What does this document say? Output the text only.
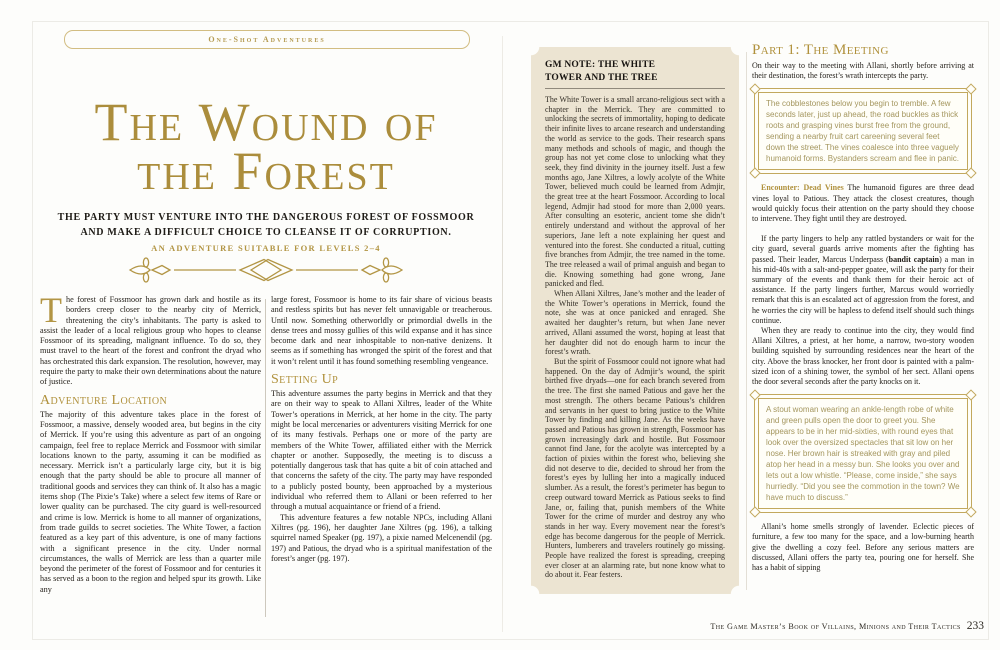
One-Shot Adventures
The Wound of
the Forest
THE PARTY MUST VENTURE INTO THE DANGEROUS FOREST OF FOSSMOOR
AND MAKE A DIFFICULT CHOICE TO CLEANSE IT OF CORRUPTION.
AN ADVENTURE SUITABLE FOR LEVELS 2–4

The forest of Fossmoor has grown dark and hostile as its borders creep closer to the nearby city of Merrick, threatening the city’s inhabitants. The party is asked to assist the leader of a local religious group who hopes to cleanse Fossmoor of its spreading, malignant influence. To do so, they must travel to the heart of the forest and confront the dryad who has orchestrated this dark expansion. The resolution, however, may require the party to make their own determinations about the nature of justice.

Adventure Location

The majority of this adventure takes place in the forest of Fossmoor, a massive, densely wooded area, but begins in the city of Merrick. If you’re using this adventure as part of an ongoing campaign, feel free to replace Merrick and Fossmoor with similar locations known to the party, assuming it can be modified as necessary. Merrick isn’t a particularly large city, but it is big enough that the party should be able to procure all manner of traditional goods and services they can think of. It also has a magic items shop (The Pixie’s Take) where a select few items of Rare or lower quality can be purchased. The city guard is well-resourced and crime is low. Merrick is home to all manner of organizations, from trade guilds to secret societies. The White Tower, a faction featured as a key part of this adventure, is one of many factions with a significant presence in the city. Under normal circumstances, the walls of Merrick are less than a quarter mile beyond the perimeter of the forest of Fossmoor and for centuries it has served as a boon to the region and helped spur its growth. Like any

large forest, Fossmoor is home to its fair share of vicious beasts and restless spirits but has never felt unnavigable or treacherous. Until now. Something otherworldly or primordial dwells in the dense trees and mossy gullies of this wild expanse and it has since become dark and near inhospitable to non-native denizens. It seems as if something has wronged the spirit of the forest and that it won’t relent until it has found something resembling vengeance.

Setting Up

This adventure assumes the party begins in Merrick and that they are on their way to speak to Allani Xiltres, leader of the White Tower’s operations in Merrick, at her home in the city. The party might be local mercenaries or adventurers visiting Merrick for one of its many festivals. Perhaps one or more of the party are members of the White Tower, affiliated either with the Merrick chapter or another. Supposedly, the meeting is to discuss a potentially dangerous task that has quite a bit of coin attached and that concerns the safety of the city. The party may have responded to a publicly posted bounty, been approached by a mysterious individual who referred them to Allani or been referred to her through a mutual acquaintance or friend of a friend.

This adventure features a few notable NPCs, including Allani Xiltres (pg. 196), her daughter Jane Xiltres (pg. 196), a talking squirrel named Speaker (pg. 197), a pixie named Melcenendil (pg. 197) and Patious, the dryad who is a spiritual manifestation of the forest’s anger (pg. 197).

GM NOTE: THE WHITE
TOWER AND THE TREE

The White Tower is a small arcano-religious sect with a chapter in the Merrick. They are committed to unlocking the secrets of immortality, hoping to dedicate their infinite lives to arcane research and understanding the world as service to the gods. Their research spans many methods and schools of magic, and though the group has not yet come close to unlocking what they seek, they find divinity in the journey itself. Just a few months ago, Jane Xiltres, a lowly acolyte of the White Tower, believed much could be learned from Admjir, the great tree at the heart Fossmoor. According to local legend, Admjir had stood for more than 2,000 years. After consulting an esoteric, ancient tome she didn’t entirely understand and without the approval of her superiors, Jane left a note explaining her quest and ventured into the forest. She conducted a ritual, cutting five branches from Admjir, the tree named in the tome. The tree released a wail of primal anguish and began to die. Knowing something had gone wrong, Jane panicked and fled.

When Allani Xiltres, Jane’s mother and the leader of the White Tower’s operations in Merrick, found the note, she was at once panicked and enraged. She awaited her daughter’s return, but when Jane never arrived, Allani assumed the worst, hoping at least that her daughter did not do enough harm to incur the forest’s wrath.

But the spirit of Fossmoor could not ignore what had happened. On the day of Admjir’s wound, the spirit birthed five dryads—one for each branch severed from the tree. The first she named Patious and gave her the most strength. The others became Patious’s children and servants in her quest to bring justice to the White Tower by finding and killing Jane. As the weeks have passed and Patious has grown in strength, Fossmoor has grown increasingly dark and hostile. But Fossmoor cannot find Jane, for the acolyte was intercepted by a faction of pixies within the forest who, believing she did not deserve to die, decided to shroud her from the forest’s eyes by lulling her into a magically induced slumber. As a result, the forest’s perimeter has begun to creep outward toward Merrick as Patious seeks to find Jane, or, failing that, punish members of the White Tower for the crime of murder and destroy any who stands in her way. Every movement near the forest’s edge has become dangerous for the people of Merrick. Hunters, lumberers and travelers routinely go missing. People have realized the forest is spreading, creeping ever closer at an alarming rate, but none know what to do about it. Fear festers.

Part 1: The Meeting

On their way to the meeting with Allani, shortly before arriving at their destination, the forest’s wrath intercepts the party.

The cobblestones below you begin to tremble. A few seconds later, just up ahead, the road buckles as thick roots and grasping vines burst free from the ground, sending a nearby fruit cart careening several feet down the street. The vines coalesce into three vaguely humanoid forms. Bystanders scream and flee in panic.

Encounter: Dead Vines The humanoid figures are three dead vines loyal to Patious. They attack the closest creatures, though would quickly focus their attention on the party should they choose to intervene. They fight until they are destroyed.

If the party lingers to help any rattled bystanders or wait for the city guard, several guards arrive moments after the fighting has passed. Their leader, Marcus Underpass (bandit captain) a man in his mid-40s with a salt-and-pepper goatee, will ask the party for their summary of the events and thank them for their heroic act of assistance. If the party lingers further, Marcus would worriedly remark that this is an escalated act of aggression from the forest, and he worries the city will be hapless to defend itself should such things continue.

When they are ready to continue into the city, they would find Allani Xiltres, a priest, at her home, a narrow, two-story wooden building squished by surrounding residences near the heart of the city. Above the brass knocker, her front door is painted with a palm-sized icon of a shining tower, the symbol of her sect. Allani opens the door several seconds after the party knocks on it.

A stout woman wearing an ankle-length robe of white and green pulls open the door to greet you. She appears to be in her mid-sixties, with round eyes that look over the oversized spectacles that sit low on her nose. Her brown hair is streaked with gray and piled atop her head in a messy bun. She looks you over and lets out a low whistle. “Please, come inside,” she says hurriedly. “Did you see the commotion in the town? We have much to discuss.”

Allani’s home smells strongly of lavender. Eclectic pieces of furniture, a few too many for the space, and a low-burning hearth give the dwelling a cozy feel. Before any serious matters are discussed, Allani offers the party tea, pouring one for herself. She has a habit of sipping

The Game Master’s Book of Villains, Minions and Their Tactics 233
